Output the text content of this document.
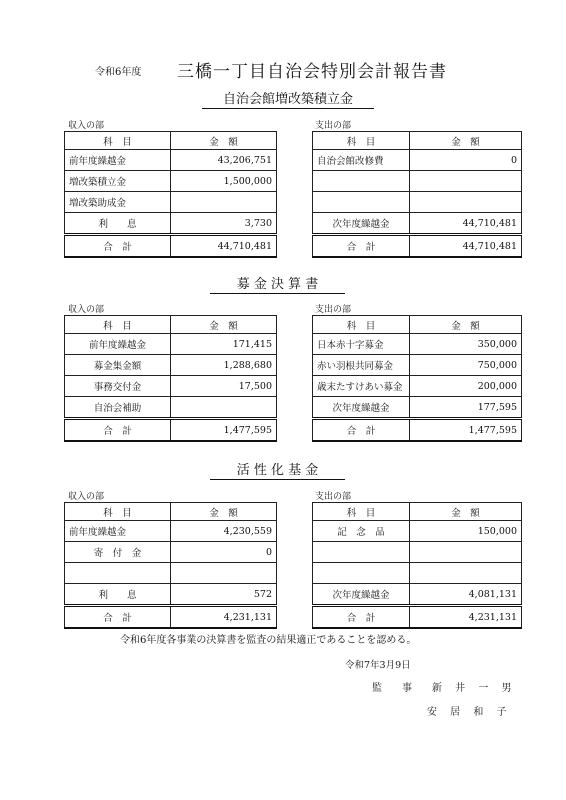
令和6年度 三橋一丁目自治会特別会計報告書
自治会館増改築積立金
収入の部	支出の部
科　目	金　額
前年度繰越金	43,206,751
増改築積立金	1,500,000
増改築助成金	
利　　息	3,730
合　計	44,710,481
科　目	金　額
自治会館改修費	0

次年度繰越金	44,710,481
合　計	44,710,481
募 金 決 算 書
収入の部	支出の部
科　目	金　額
前年度繰越金	171,415
募金集金額	1,288,680
事務交付金	17,500
自治会補助	
合　計	1,477,595
科　目	金　額
日本赤十字募金	350,000
赤い羽根共同募金	750,000
歳末たすけあい募金	200,000
次年度繰越金	177,595
合　計	1,477,595
活 性 化 基 金
収入の部	支出の部
科　目	金　額
前年度繰越金	4,230,559
寄　付　金	0

利　　息	572
合　計	4,231,131
科　目	金　額
記　念　品	150,000

次年度繰越金	4,081,131
合　計	4,231,131
令和6年度各事業の決算書を監査の結果適正であることを認める。
令和7年3月9日
監　事　新 井 一 男
安 居 和 子
